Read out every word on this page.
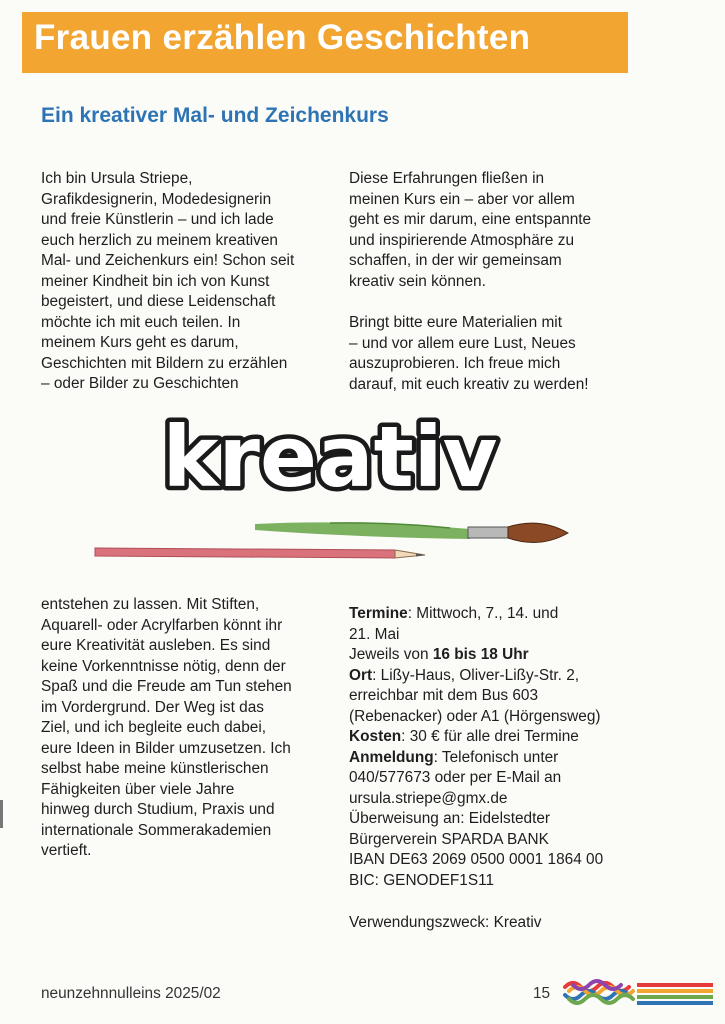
Frauen erzählen Geschichten
Ein kreativer Mal- und Zeichenkurs

Ich bin Ursula Striepe,
Grafikdesignerin, Modedesignerin
und freie Künstlerin – und ich lade
euch herzlich zu meinem kreativen
Mal- und Zeichenkurs ein! Schon seit
meiner Kindheit bin ich von Kunst
begeistert, und diese Leidenschaft
möchte ich mit euch teilen. In
meinem Kurs geht es darum,
Geschichten mit Bildern zu erzählen
– oder Bilder zu Geschichten

Diese Erfahrungen fließen in
meinen Kurs ein – aber vor allem
geht es mir darum, eine entspannte
und inspirierende Atmosphäre zu
schaffen, in der wir gemeinsam
kreativ sein können.

Bringt bitte eure Materialien mit
– und vor allem eure Lust, Neues
auszuprobieren. Ich freue mich
darauf, mit euch kreativ zu werden!

kreativ

entstehen zu lassen. Mit Stiften,
Aquarell- oder Acrylfarben könnt ihr
eure Kreativität ausleben. Es sind
keine Vorkenntnisse nötig, denn der
Spaß und die Freude am Tun stehen
im Vordergrund. Der Weg ist das
Ziel, und ich begleite euch dabei,
eure Ideen in Bilder umzusetzen. Ich
selbst habe meine künstlerischen
Fähigkeiten über viele Jahre
hinweg durch Studium, Praxis und
internationale Sommerakademien
vertieft.

Termine: Mittwoch, 7., 14. und
21. Mai
Jeweils von 16 bis 18 Uhr
Ort: Lißy-Haus, Oliver-Lißy-Str. 2,
erreichbar mit dem Bus 603
(Rebenacker) oder A1 (Hörgensweg)
Kosten: 30 € für alle drei Termine
Anmeldung: Telefonisch unter
040/577673 oder per E-Mail an
ursula.striepe@gmx.de
Überweisung an: Eidelstedter
Bürgerverein SPARDA BANK
IBAN DE63 2069 0500 0001 1864 00
BIC: GENODEF1S11

Verwendungszweck: Kreativ

neunzehnnulleins 2025/02	15
